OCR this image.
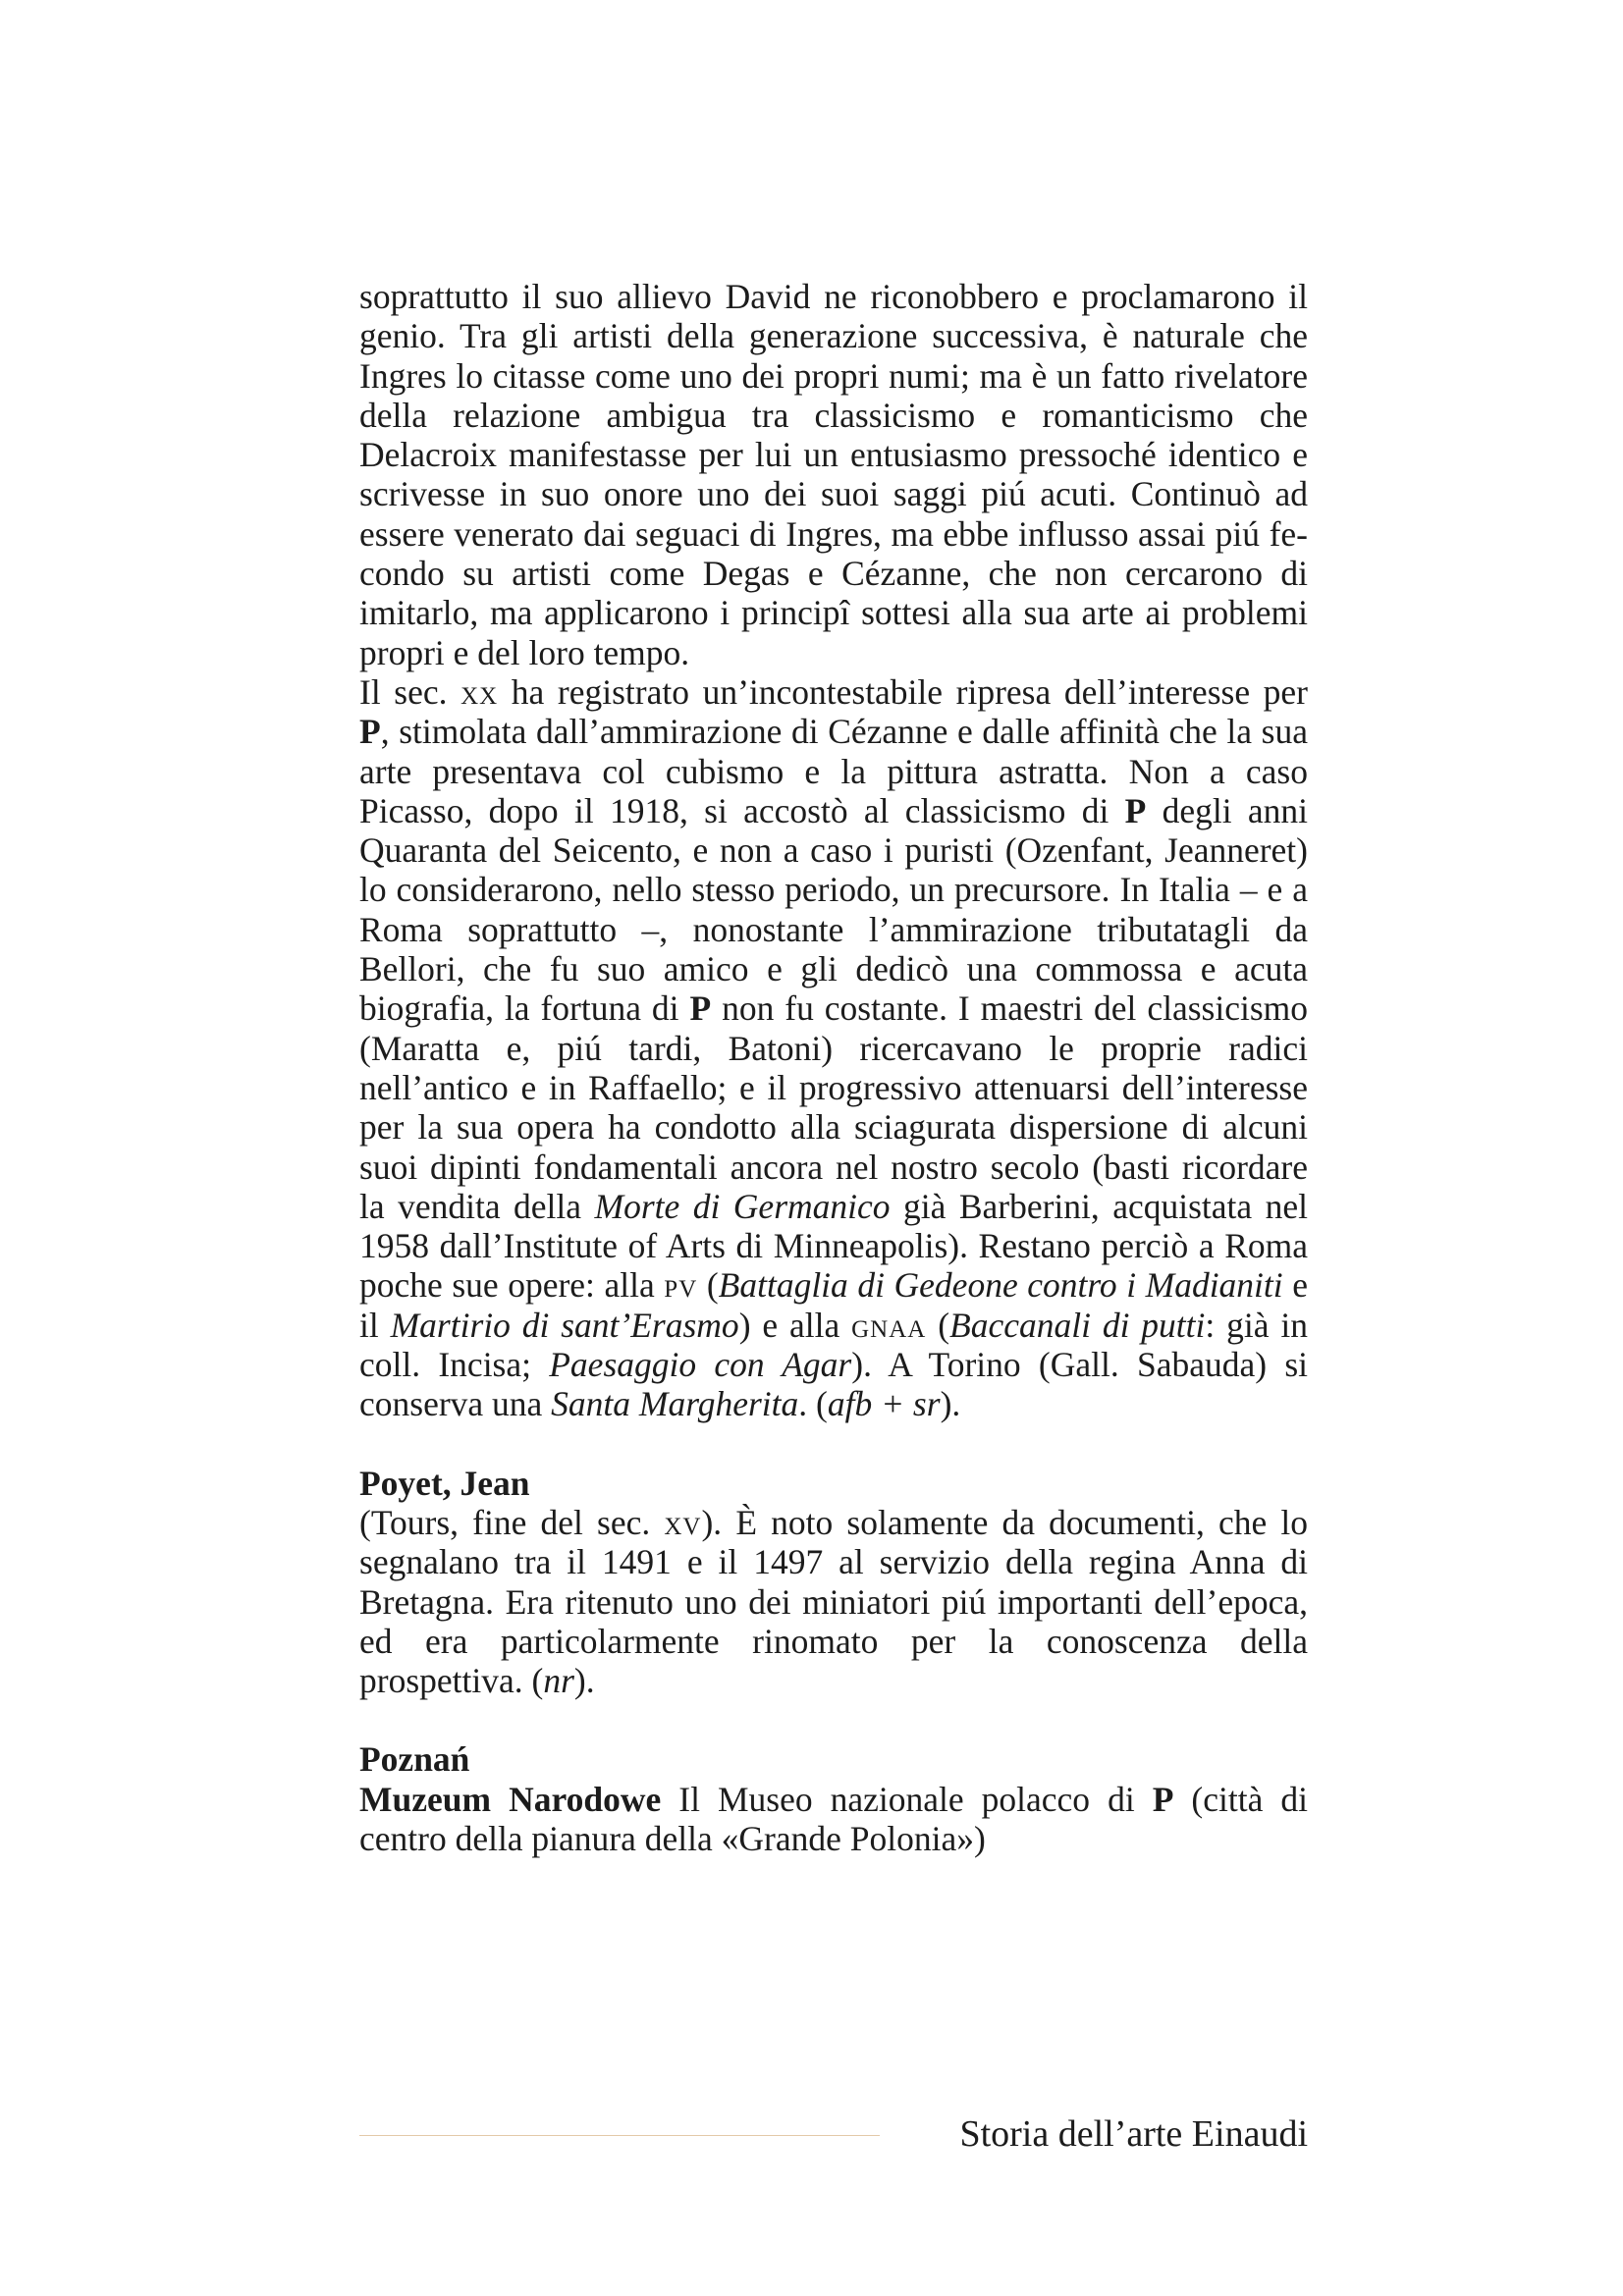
soprattutto il suo allievo David ne riconobbero e proclamarono il genio. Tra gli artisti della generazione successiva, è naturale che Ingres lo citasse come uno dei propri numi; ma è un fatto rivelatore della relazione ambigua tra classicismo e romanticismo che Delacroix manifestasse per lui un entusiasmo pressoché identico e scrivesse in suo onore uno dei suoi saggi piú acuti. Continuò ad essere venerato dai seguaci di Ingres, ma ebbe influsso assai piú fecondo su artisti come Degas e Cézanne, che non cercarono di imitarlo, ma applicarono i principî sottesi alla sua arte ai problemi propri e del loro tempo.

Il sec. xx ha registrato un’incontestabile ripresa dell’interesse per P, stimolata dall’ammirazione di Cézanne e dalle affinità che la sua arte presentava col cubismo e la pittura astratta. Non a caso Picasso, dopo il 1918, si accostò al classicismo di P degli anni Quaranta del Seicento, e non a caso i puristi (Ozenfant, Jeanneret) lo considerarono, nello stesso periodo, un precursore. In Italia – e a Roma soprattutto –, nonostante l’ammirazione tributatagli da Bellori, che fu suo amico e gli dedicò una commossa e acuta biografia, la fortuna di P non fu costante. I maestri del classicismo (Maratta e, piú tardi, Batoni) ricercavano le proprie radici nell’antico e in Raffaello; e il progressivo attenuarsi dell’interesse per la sua opera ha condotto alla sciagurata dispersione di alcuni suoi dipinti fondamentali ancora nel nostro secolo (basti ricordare la vendita della Morte di Germanico già Barberini, acquistata nel 1958 dall’Institute of Arts di Minneapolis). Restano perciò a Roma poche sue opere: alla pv (Battaglia di Gedeone contro i Madianiti e il Martirio di sant’Erasmo) e alla gnaa (Baccanali di putti: già in coll. Incisa; Paesaggio con Agar). A Torino (Gall. Sabauda) si conserva una Santa Margherita. (afb + sr).

Poyet, Jean

(Tours, fine del sec. xv). È noto solamente da documenti, che lo segnalano tra il 1491 e il 1497 al servizio della regina Anna di Bretagna. Era ritenuto uno dei miniatori piú importanti dell’epoca, ed era particolarmente rinomato per la conoscenza della prospettiva. (nr).

Poznań

Muzeum Narodowe Il Museo nazionale polacco di P (città di centro della pianura della «Grande Polonia»)

Storia dell’arte Einaudi
